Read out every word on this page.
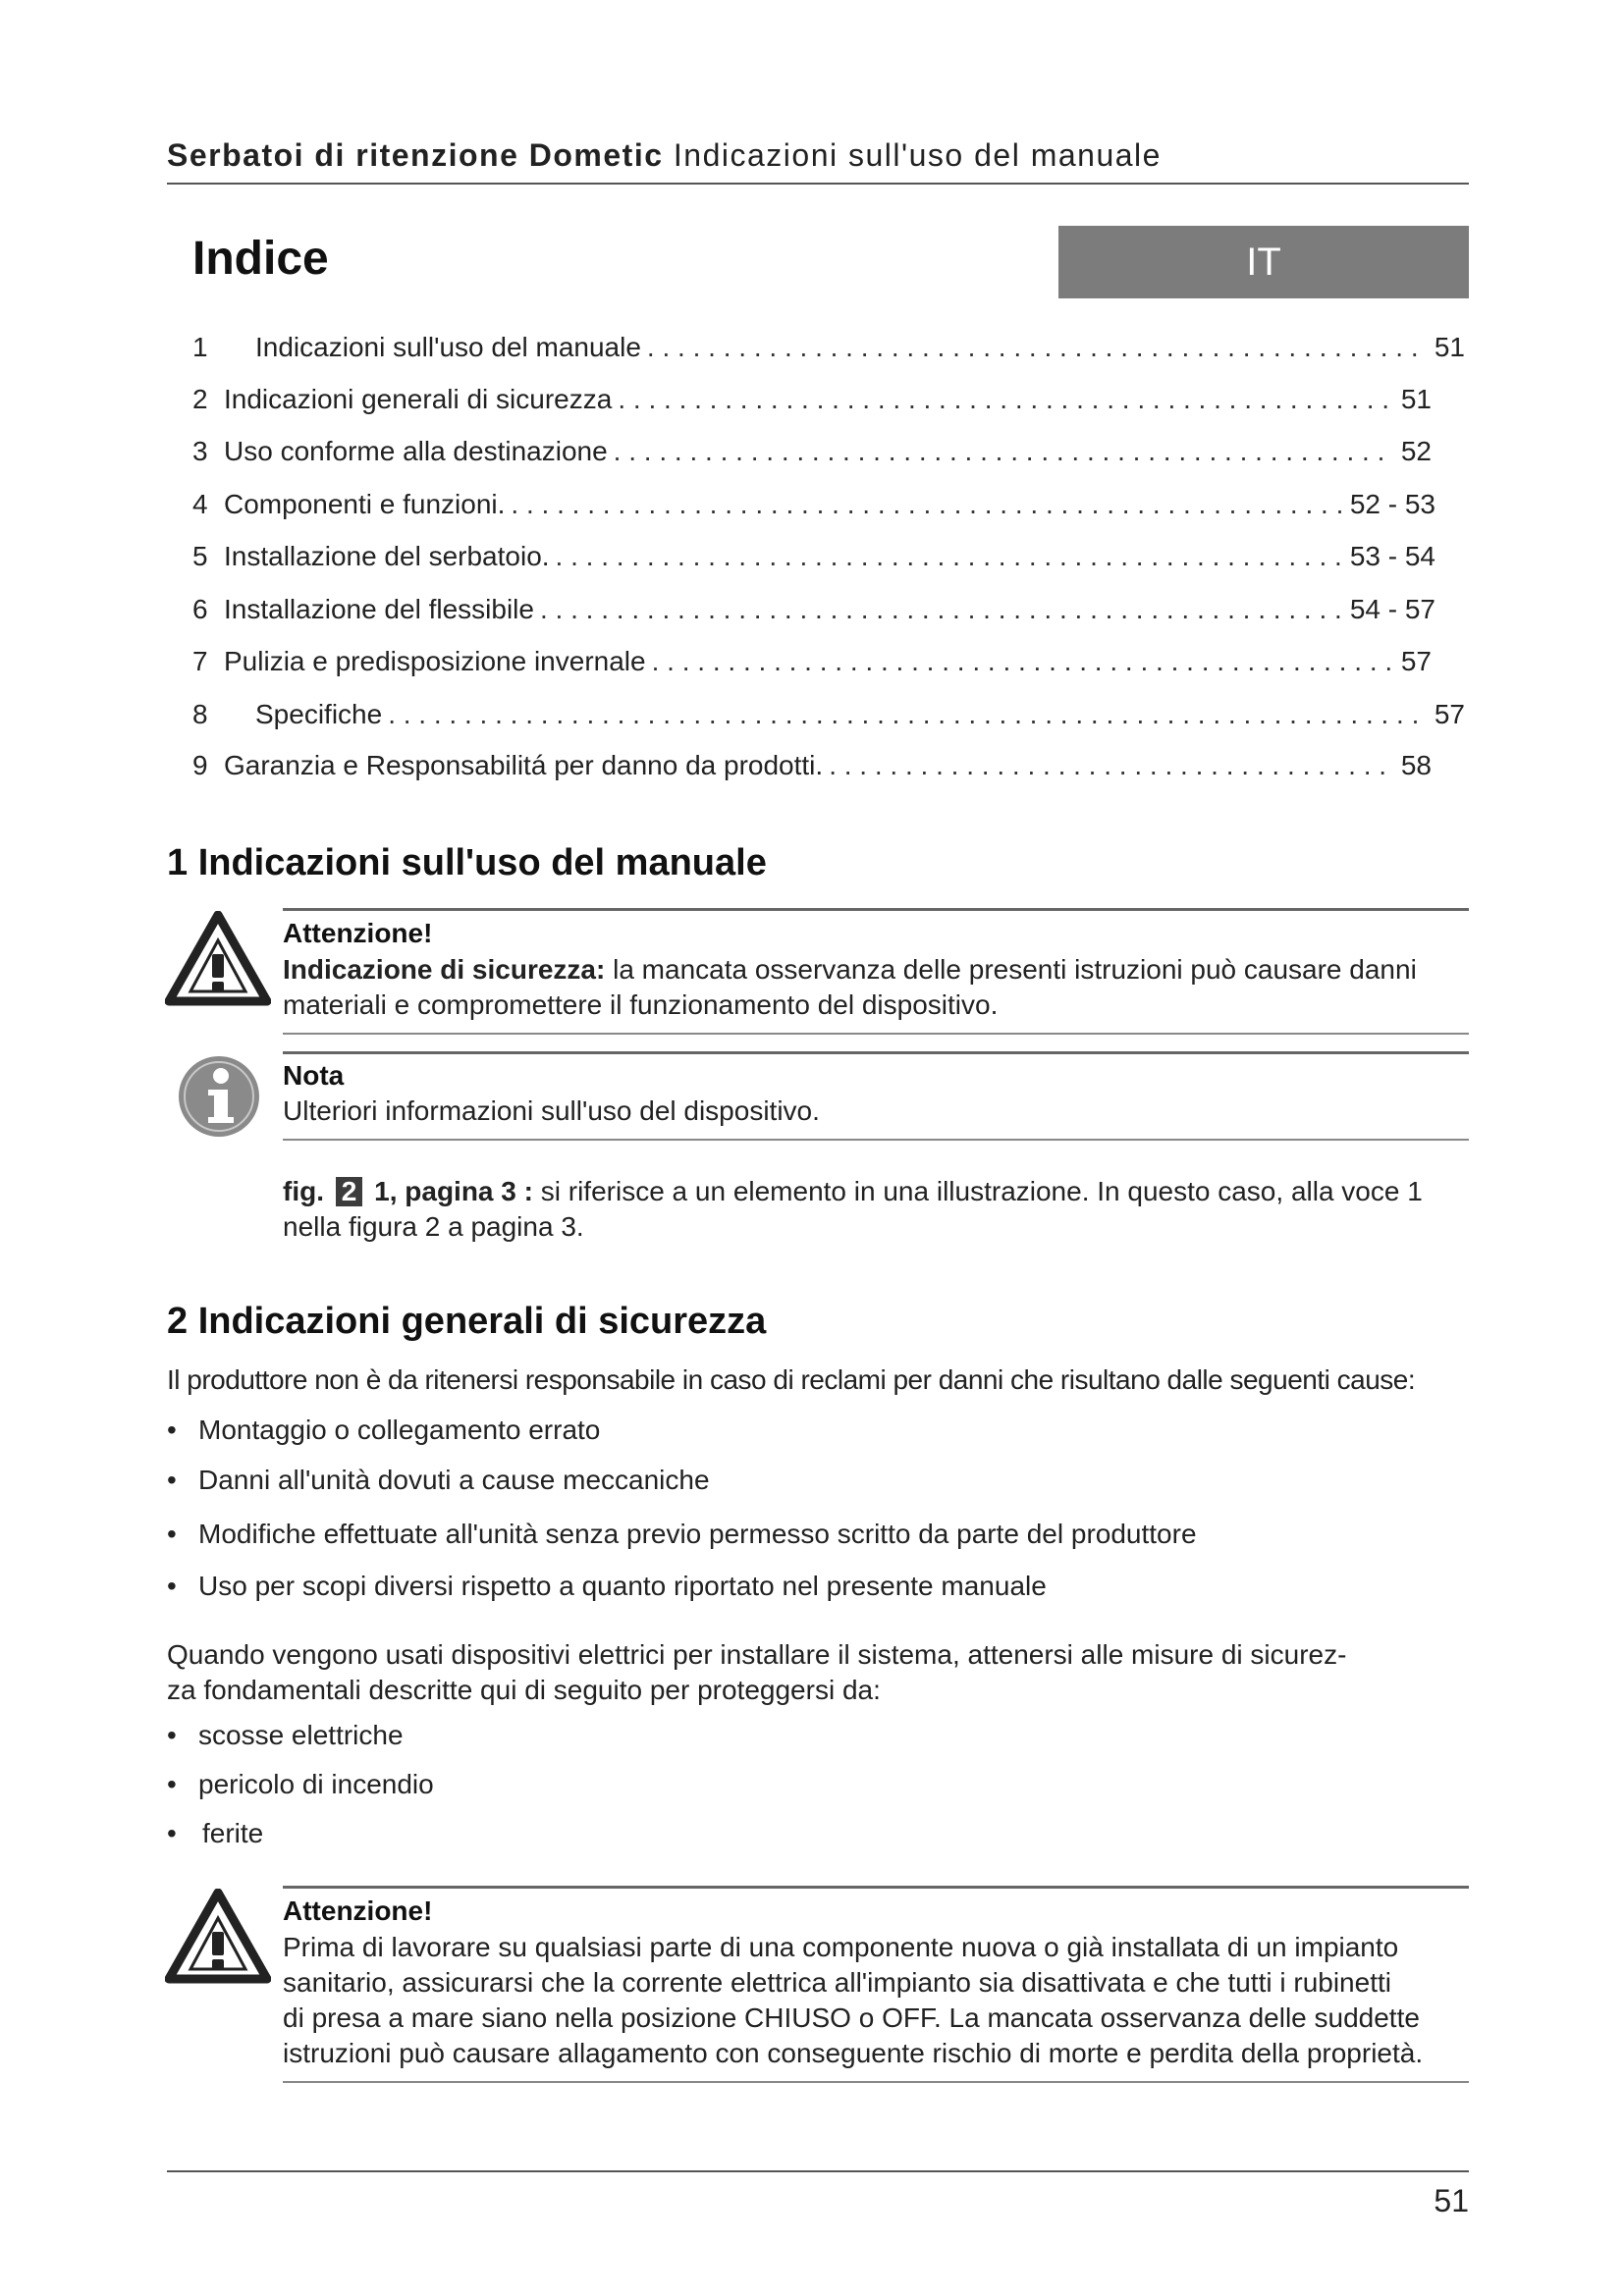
Serbatoi di ritenzione Dometic Indicazioni sull'uso del manuale
Indice	IT
1	Indicazioni sull'uso del manuale . . .	51
2 Indicazioni generali di sicurezza . . .	51
3 Uso conforme alla destinazione . . .	52
4 Componenti e funzioni. . . .	52 - 53
5 Installazione del serbatoio. . . .	53 - 54
6 Installazione del flessibile . . .	54 - 57
7 Pulizia e predisposizione invernale . . .	57
8	Specifiche . . .	57
9 Garanzia e Responsabilitá per danno da prodotti. . . .	58
1 Indicazioni sull'uso del manuale
Attenzione!
Indicazione di sicurezza: la mancata osservanza delle presenti istruzioni può causare danni materiali e compromettere il funzionamento del dispositivo.
Nota
Ulteriori informazioni sull'uso del dispositivo.
fig. 2 1, pagina 3 : si riferisce a un elemento in una illustrazione. In questo caso, alla voce 1 nella figura 2 a pagina 3.
2 Indicazioni generali di sicurezza
Il produttore non è da ritenersi responsabile in caso di reclami per danni che risultano dalle seguenti cause:
• Montaggio o collegamento errato
• Danni all'unità dovuti a cause meccaniche
• Modifiche effettuate all'unità senza previo permesso scritto da parte del produttore
• Uso per scopi diversi rispetto a quanto riportato nel presente manuale
Quando vengono usati dispositivi elettrici per installare il sistema, attenersi alle misure di sicurez-
za fondamentali descritte qui di seguito per proteggersi da:
• scosse elettriche
• pericolo di incendio
• ferite
Attenzione!
Prima di lavorare su qualsiasi parte di una componente nuova o già installata di un impianto
sanitario, assicurarsi che la corrente elettrica all'impianto sia disattivata e che tutti i rubinetti
di presa a mare siano nella posizione CHIUSO o OFF. La mancata osservanza delle suddette
istruzioni può causare allagamento con conseguente rischio di morte e perdita della proprietà.
51
